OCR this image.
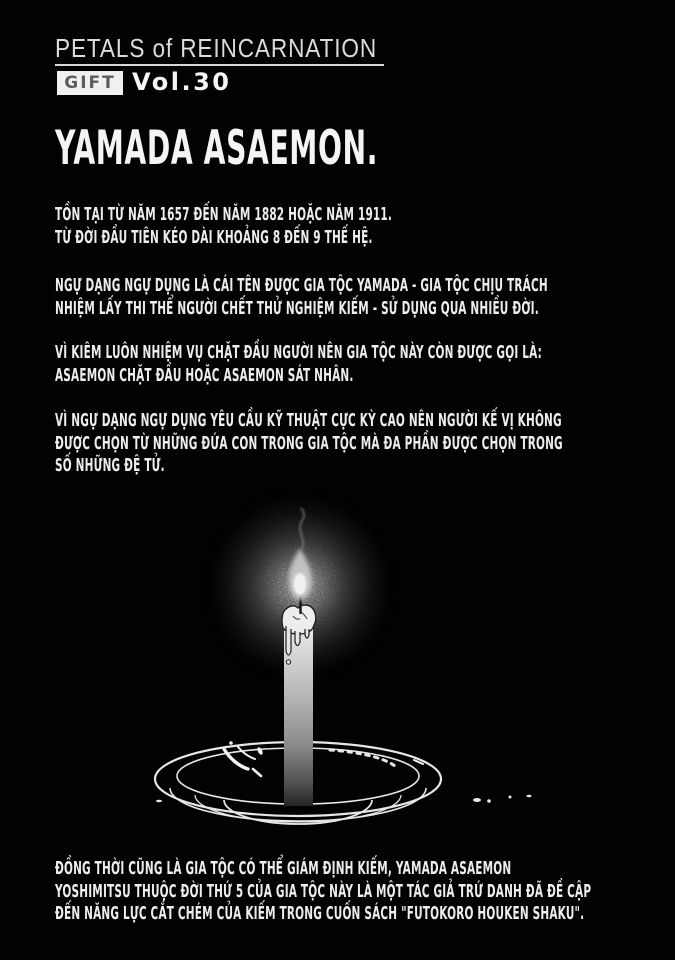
PETALS of REINCARNATION

GIFT Vol.30
YAMADA ASAEMON.
TỒN TẠI TỪ NĂM 1657 ĐẾN NĂM 1882 HOẶC NĂM 1911.
TỪ ĐỜI ĐẦU TIÊN KÉO DÀI KHOẢNG 8 ĐẾN 9 THẾ HỆ.
NGỰ DẠNG NGỰ DỤNG LÀ CÁI TÊN ĐƯỢC GIA TỘC YAMADA - GIA TỘC CHỊU TRÁCH
NHIỆM LẤY THI THỂ NGƯỜI CHẾT THỬ NGHIỆM KIẾM - SỬ DỤNG QUA NHIỀU ĐỜI.
VÌ KIÊM LUÔN NHIỆM VỤ CHẶT ĐẦU NGƯỜI NÊN GIA TỘC NÀY CÒN ĐƯỢC GỌI LÀ:
ASAEMON CHẶT ĐẦU HOẶC ASAEMON SÁT NHÂN.
VÌ NGỰ DẠNG NGỰ DỤNG YÊU CẦU KỸ THUẬT CỰC KỲ CAO NÊN NGƯỜI KẾ VỊ KHÔNG
ĐƯỢC CHỌN TỪ NHỮNG ĐỨA CON TRONG GIA TỘC MÀ ĐA PHẦN ĐƯỢC CHỌN TRONG
SỐ NHỮNG ĐỆ TỬ.
ĐỒNG THỜI CŨNG LÀ GIA TỘC CÓ THỂ GIÁM ĐỊNH KIẾM, YAMADA ASAEMON
YOSHIMITSU THUỘC ĐỜI THỨ 5 CỦA GIA TỘC NÀY LÀ MỘT TÁC GIẢ TRỨ DANH ĐÃ ĐỀ CẬP
ĐẾN NĂNG LỰC CẮT CHÉM CỦA KIẾM TRONG CUỐN SÁCH "FUTOKORO HOUKEN SHAKU".
